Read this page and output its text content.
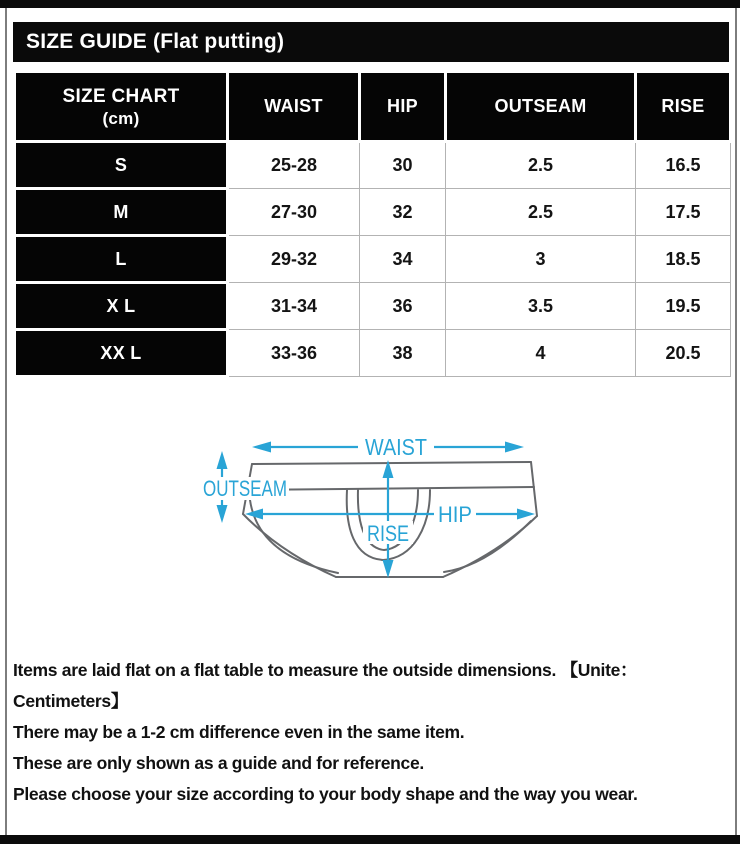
SIZE GUIDE (Flat putting)
SIZE CHART
(cm)	WAIST	HIP	OUTSEAM	RISE
S	25-28	30	2.5	16.5
M	27-30	32	2.5	17.5
L	29-32	34	3	18.5
X L	31-34	36	3.5	19.5
XX L	33-36	38	4	20.5
WAIST
OUTSEAM
HIP
RISE
Items are laid flat on a flat table to measure the outside dimensions. 【Unite：
Centimeters】
There may be a 1-2 cm difference even in the same item.
These are only shown as a guide and for reference.
Please choose your size according to your body shape and the way you wear.
